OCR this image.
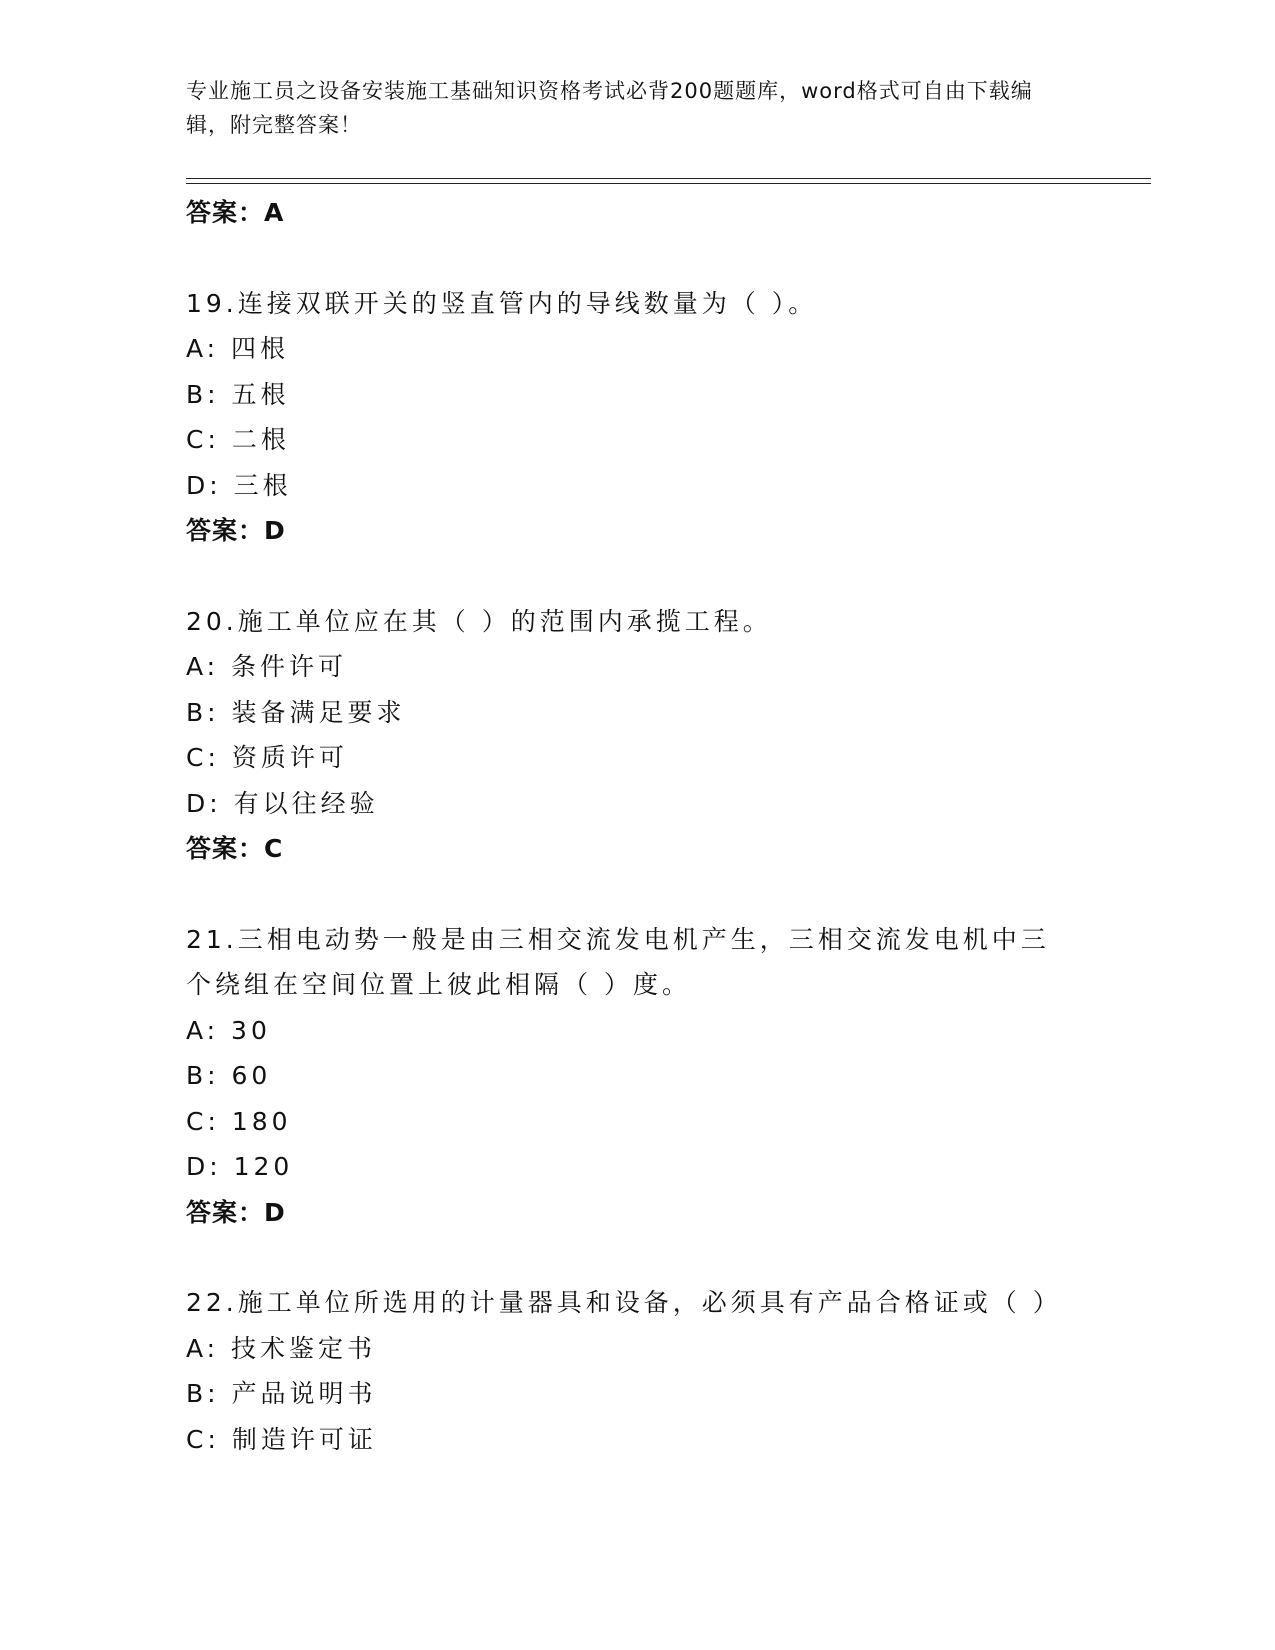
专业施工员之设备安装施工基础知识资格考试必背200题题库，word格式可自由下载编辑，附完整答案！
答案：A
19.连接双联开关的竖直管内的导线数量为（ ）。
A: 四根
B: 五根
C: 二根
D: 三根
答案：D
20.施工单位应在其（ ）的范围内承揽工程。
A: 条件许可
B: 装备满足要求
C: 资质许可
D: 有以往经验
答案：C
21.三相电动势一般是由三相交流发电机产生，三相交流发电机中三个绕组在空间位置上彼此相隔（ ）度。
A: 30
B: 60
C: 180
D: 120
答案：D
22.施工单位所选用的计量器具和设备，必须具有产品合格证或（ ）
A: 技术鉴定书
B: 产品说明书
C: 制造许可证
